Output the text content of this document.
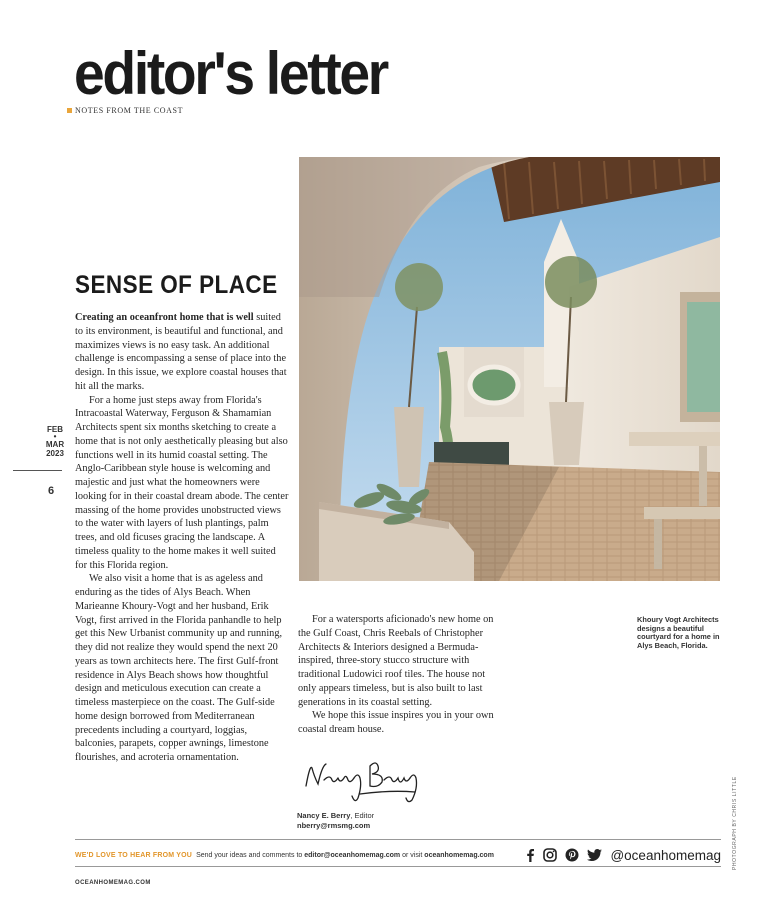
editor's letter
NOTES FROM THE COAST
SENSE OF PLACE
FEB
•
MAR
2023
6

Creating an oceanfront home that is well suited to its environment, is beautiful and functional, and maximizes views is no easy task. An additional challenge is encompassing a sense of place into the design. In this issue, we explore coastal houses that hit all the marks.

For a home just steps away from Florida's Intracoastal Waterway, Ferguson & Shamamian Architects spent six months sketching to create a home that is not only aesthetically pleasing but also functions well in its humid coastal setting. The Anglo-Caribbean style house is welcoming and majestic and just what the homeowners were looking for in their coastal dream abode. The center massing of the home provides unobstructed views to the water with layers of lush plantings, palm trees, and old ficuses gracing the landscape. A timeless quality to the home makes it well suited for this Florida region.

We also visit a home that is as ageless and enduring as the tides of Alys Beach. When Marieanne Khoury-Vogt and her husband, Erik Vogt, first arrived in the Florida panhandle to help get this New Urbanist community up and running, they did not realize they would spend the next 20 years as town architects here. The first Gulf-front residence in Alys Beach shows how thoughtful design and meticulous execution can create a timeless masterpiece on the coast. The Gulf-side home design borrowed from Mediterranean precedents including a courtyard, loggias, balconies, parapets, copper awnings, limestone flourishes, and acroteria ornamentation.

For a watersports aficionado's new home on the Gulf Coast, Chris Reebals of Christopher Architects & Interiors designed a Bermuda-inspired, three-story stucco structure with traditional Ludowici roof tiles. The house not only appears timeless, but is also built to last generations in its coastal setting.

We hope this issue inspires you in your own coastal dream house.

Khoury Vogt Architects designs a beautiful courtyard for a home in Alys Beach, Florida.
PHOTOGRAPH BY CHRIS LITTLE
Nancy E. Berry, Editor
nberry@rmsmg.com
WE'D LOVE TO HEAR FROM YOU Send your ideas and comments to
editor@oceanhomemag.com
or visit
oceanhomemag.com	@oceanhomemag
OCEANHOMEMAG.COM
